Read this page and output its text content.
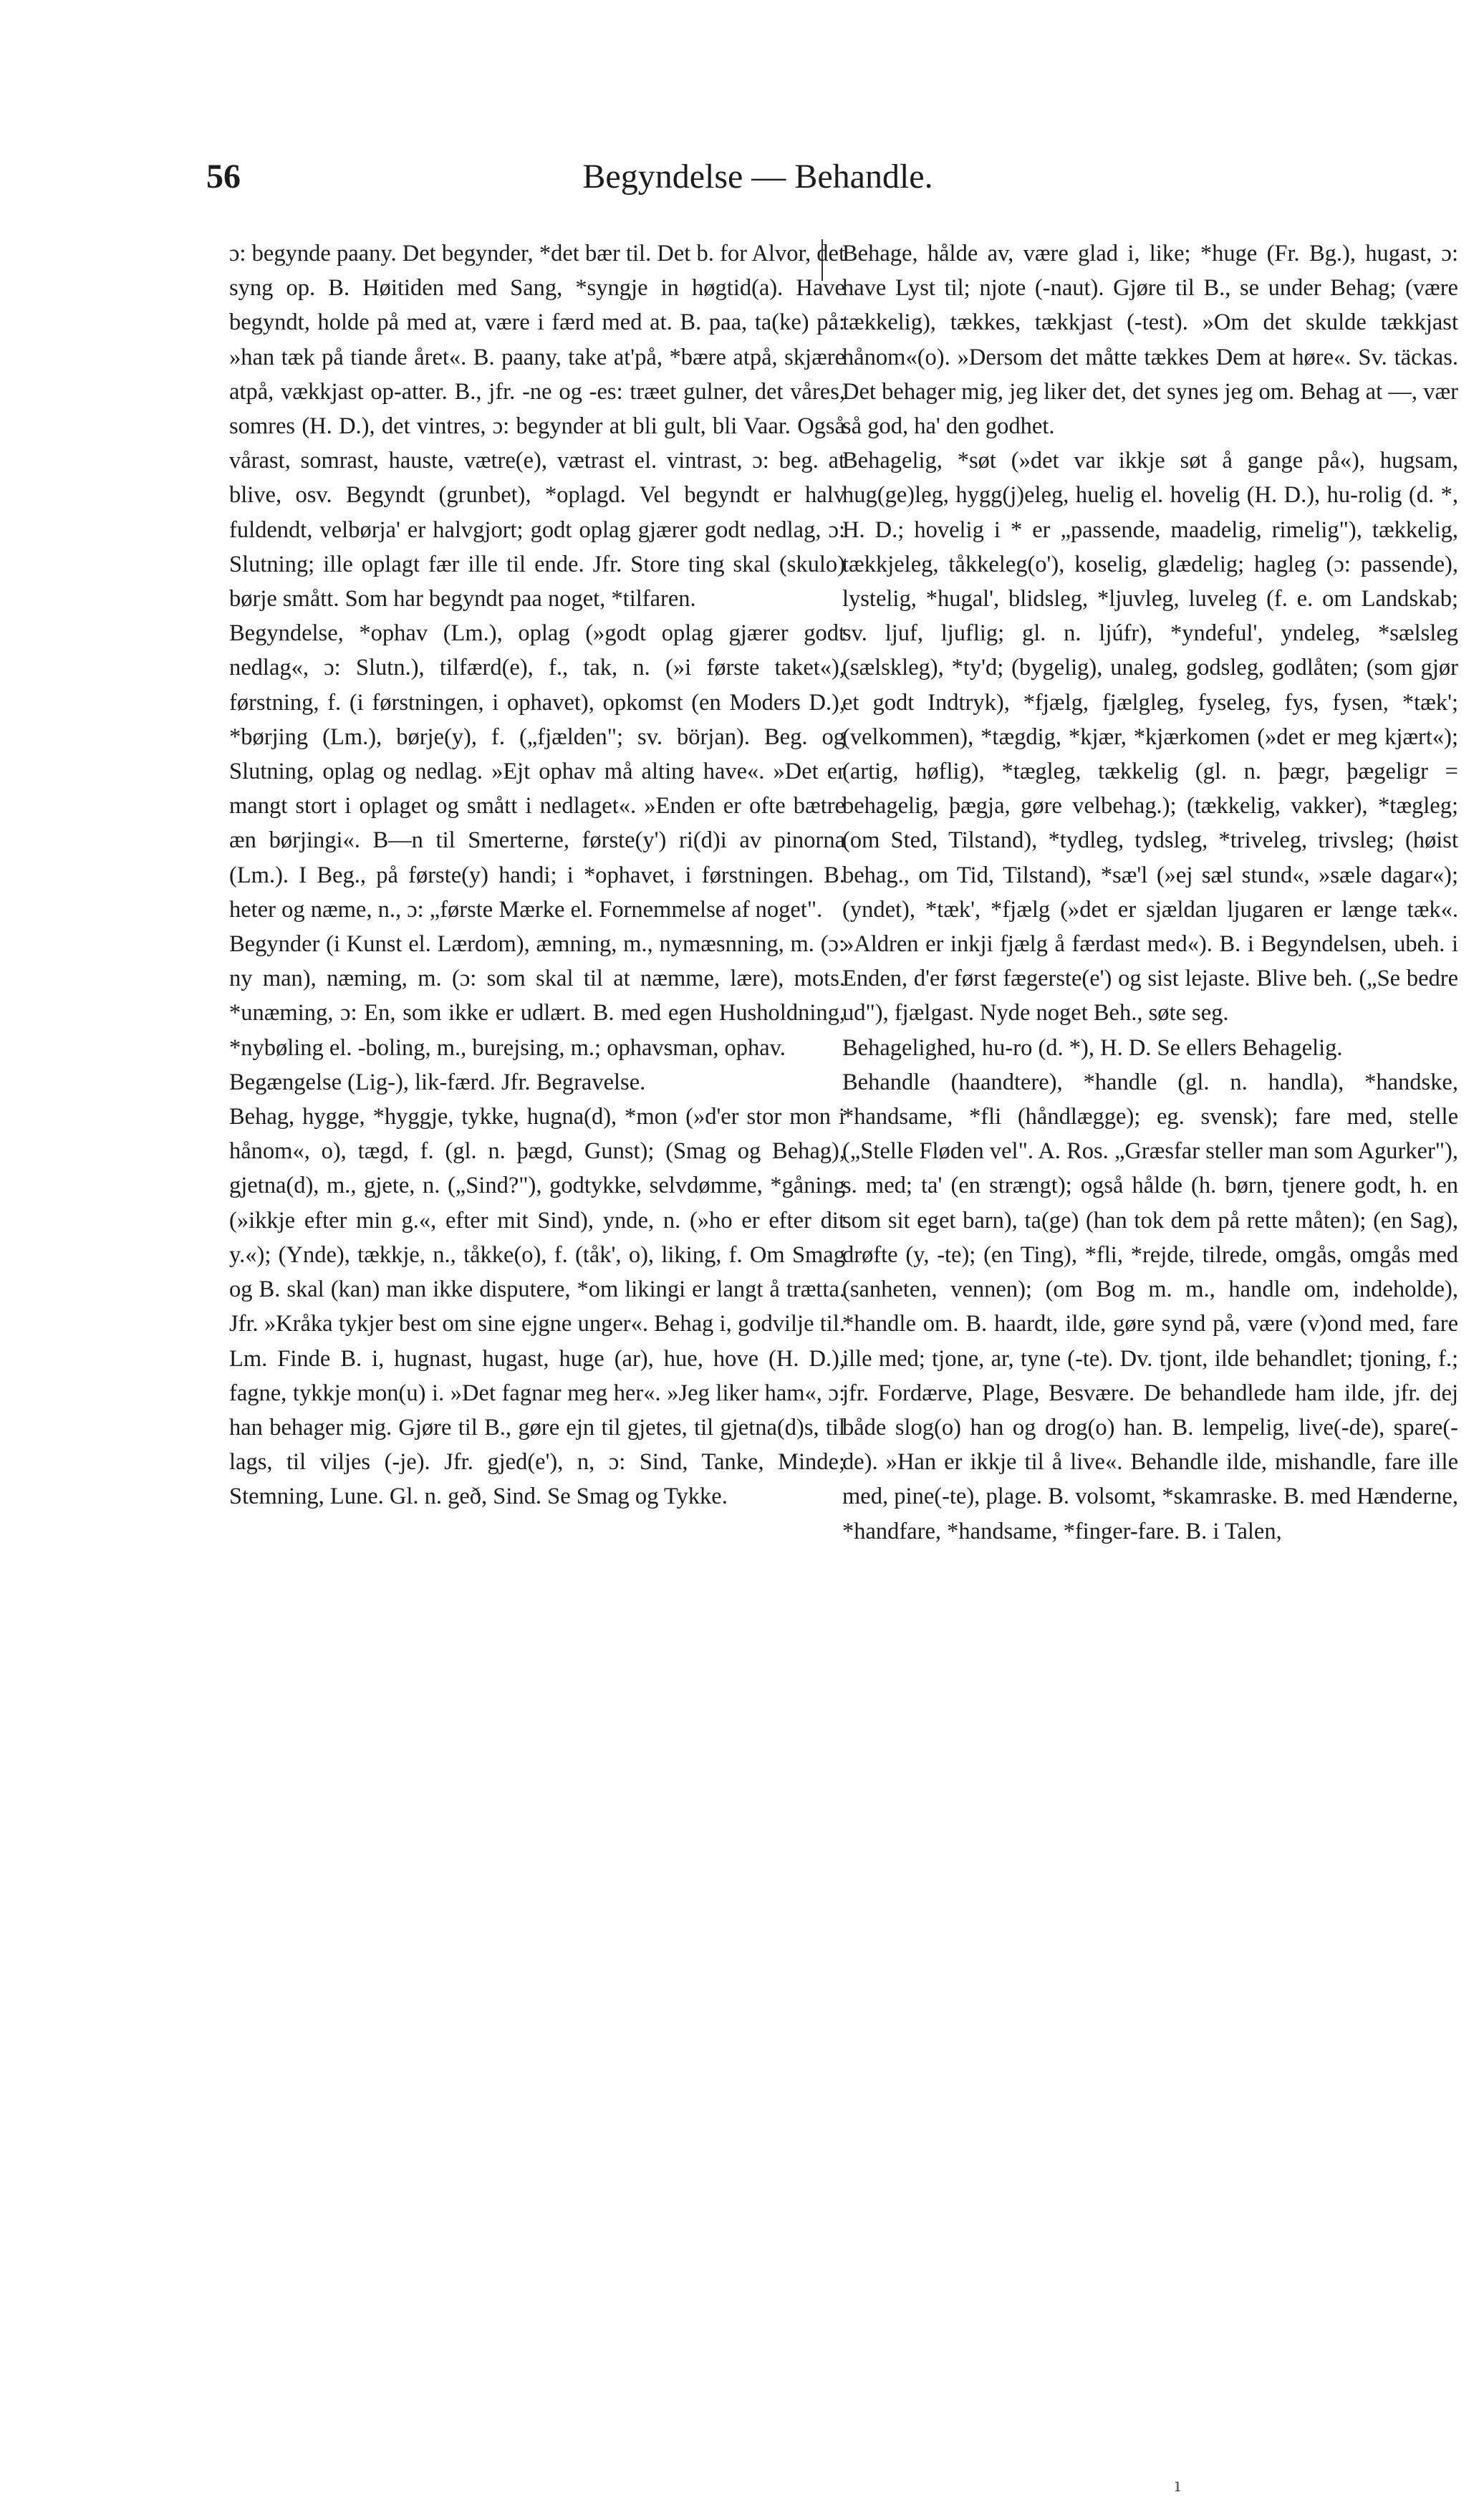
56	Begyndelse — Behandle.

ɔ: begynde paany. Det begynder, *det bær til. Det b. for Alvor, det syng op. B. Høitiden med Sang, *syngje in høgtid(a). Have begyndt, holde på med at, være i færd med at. B. paa, ta(ke) på: »han tæk på tiande året«. B. paany, take at'på, *bære atpå, skjære atpå, vækkjast op-atter. B., jfr. -ne og -es: træet gulner, det våres, somres (H. D.), det vintres, ɔ: begynder at bli gult, bli Vaar. Også vårast, somrast, hauste, vætre(e), vætrast el. vintrast, ɔ: beg. at blive, osv. Begyndt (grunbet), *oplagd. Vel begyndt er halv fuldendt, velbørja' er halvgjort; godt oplag gjærer godt nedlag, ɔ: Slutning; ille oplagt fær ille til ende. Jfr. Store ting skal (skulo) børje smått. Som har begyndt paa noget, *tilfaren.

Begyndelse, *ophav (Lm.), oplag (»godt oplag gjærer godt nedlag«, ɔ: Slutn.), tilfærd(e), f., tak, n. (»i første taket«), førstning, f. (i førstningen, i ophavet), opkomst (en Moders D.), *børjing (Lm.), børje(y), f. („fjælden"; sv. början). Beg. og Slutning, oplag og nedlag. »Ejt ophav må alting have«. »Det er mangt stort i oplaget og smått i nedlaget«. »Enden er ofte bætre æn børjingi«. B—n til Smerterne, første(y') ri(d)i av pinorna (Lm.). I Beg., på første(y) handi; i *ophavet, i førstningen. B. heter og næme, n., ɔ: „første Mærke el. Fornemmelse af noget".

Begynder (i Kunst el. Lærdom), æmning, m., nymæsnning, m. (ɔ: ny man), næming, m. (ɔ: som skal til at næmme, lære), mots. *unæming, ɔ: En, som ikke er udlært. B. med egen Husholdning, *nybøling el. -boling, m., burejsing, m.; ophavsman, ophav.

Begængelse (Lig-), lik-færd. Jfr. Begravelse.

Behag, hygge, *hyggje, tykke, hugna(d), *mon (»d'er stor mon i hånom«, o), tægd, f. (gl. n. þægd, Gunst); (Smag og Behag), gjetna(d), m., gjete, n. („Sind?"), godtykke, selvdømme, *gåning (»ikkje efter min g.«, efter mit Sind), ynde, n. (»ho er efter dit y.«); (Ynde), tækkje, n., tåkke(o), f. (tåk', o), liking, f. Om Smag og B. skal (kan) man ikke disputere, *om likingi er langt å trætta. Jfr. »Kråka tykjer best om sine ejgne unger«. Behag i, godvilje til. Lm. Finde B. i, hugnast, hugast, huge (ar), hue, hove (H. D.), fagne, tykkje mon(u) i. »Det fagnar meg her«. »Jeg liker ham«, ɔ: han behager mig. Gjøre til B., gøre ejn til gjetes, til gjetna(d)s, til lags, til viljes (-je). Jfr. gjed(e'), n, ɔ: Sind, Tanke, Minde; Stemning, Lune. Gl. n. geð, Sind. Se Smag og Tykke.

Behage, hålde av, være glad i, like; *huge (Fr. Bg.), hugast, ɔ: have Lyst til; njote (-naut). Gjøre til B., se under Behag; (være tækkelig), tækkes, tækkjast (-test). »Om det skulde tækkjast hånom«(o). »Dersom det måtte tækkes Dem at høre«. Sv. täckas. Det behager mig, jeg liker det, det synes jeg om. Behag at —, vær så god, ha' den godhet.

Behagelig, *søt (»det var ikkje søt å gange på«), hugsam, hug(ge)leg, hygg(j)eleg, huelig el. hovelig (H. D.), hu-rolig (d. *, H. D.; hovelig i * er „passende, maadelig, rimelig"), tækkelig, tækkjeleg, tåkkeleg(o'), koselig, glædelig; hagleg (ɔ: passende), lystelig, *hugal', blidsleg, *ljuvleg, luveleg (f. e. om Landskab; sv. ljuf, ljuflig; gl. n. ljúfr), *yndeful', yndeleg, *sælsleg (sælskleg), *ty'd; (bygelig), unaleg, godsleg, godlåten; (som gjør et godt Indtryk), *fjælg, fjælgleg, fyseleg, fys, fysen, *tæk'; (velkommen), *tægdig, *kjær, *kjærkomen (»det er meg kjært«); (artig, høflig), *tægleg, tækkelig (gl. n. þægr, þægeligr = behagelig, þægja, gøre velbehag.); (tækkelig, vakker), *tægleg; (om Sted, Tilstand), *tydleg, tydsleg, *triveleg, trivsleg; (høist behag., om Tid, Tilstand), *sæ'l (»ej sæl stund«, »sæle dagar«); (yndet), *tæk', *fjælg (»det er sjældan ljugaren er længe tæk«. »Aldren er inkji fjælg å færdast med«). B. i Begyndelsen, ubeh. i Enden, d'er først fægerste(e') og sist lejaste. Blive beh. („Se bedre ud"), fjælgast. Nyde noget Beh., søte seg.

Behagelighed, hu-ro (d. *), H. D. Se ellers Behagelig.

Behandle (haandtere), *handle (gl. n. handla), *handske, *handsame, *fli (håndlægge); eg. svensk); fare med, stelle („Stelle Fløden vel". A. Ros. „Græsfar steller man som Agurker"), s. med; ta' (en strængt); også hålde (h. børn, tjenere godt, h. en som sit eget barn), ta(ge) (han tok dem på rette måten); (en Sag), drøfte (y, -te); (en Ting), *fli, *rejde, tilrede, omgås, omgås med (sanheten, vennen); (om Bog m. m., handle om, indeholde), *handle om. B. haardt, ilde, gøre synd på, være (v)ond med, fare ille med; tjone, ar, tyne (-te). Dv. tjont, ilde behandlet; tjoning, f.; jfr. Fordærve, Plage, Besvære. De behandlede ham ilde, jfr. dej både slog(o) han og drog(o) han. B. lempelig, live(-de), spare(-de). »Han er ikkje til å live«. Behandle ilde, mishandle, fare ille med, pine(-te), plage. B. volsomt, *skamraske. B. med Hænderne, *handfare, *handsame, *finger-fare. B. i Talen,

ı
